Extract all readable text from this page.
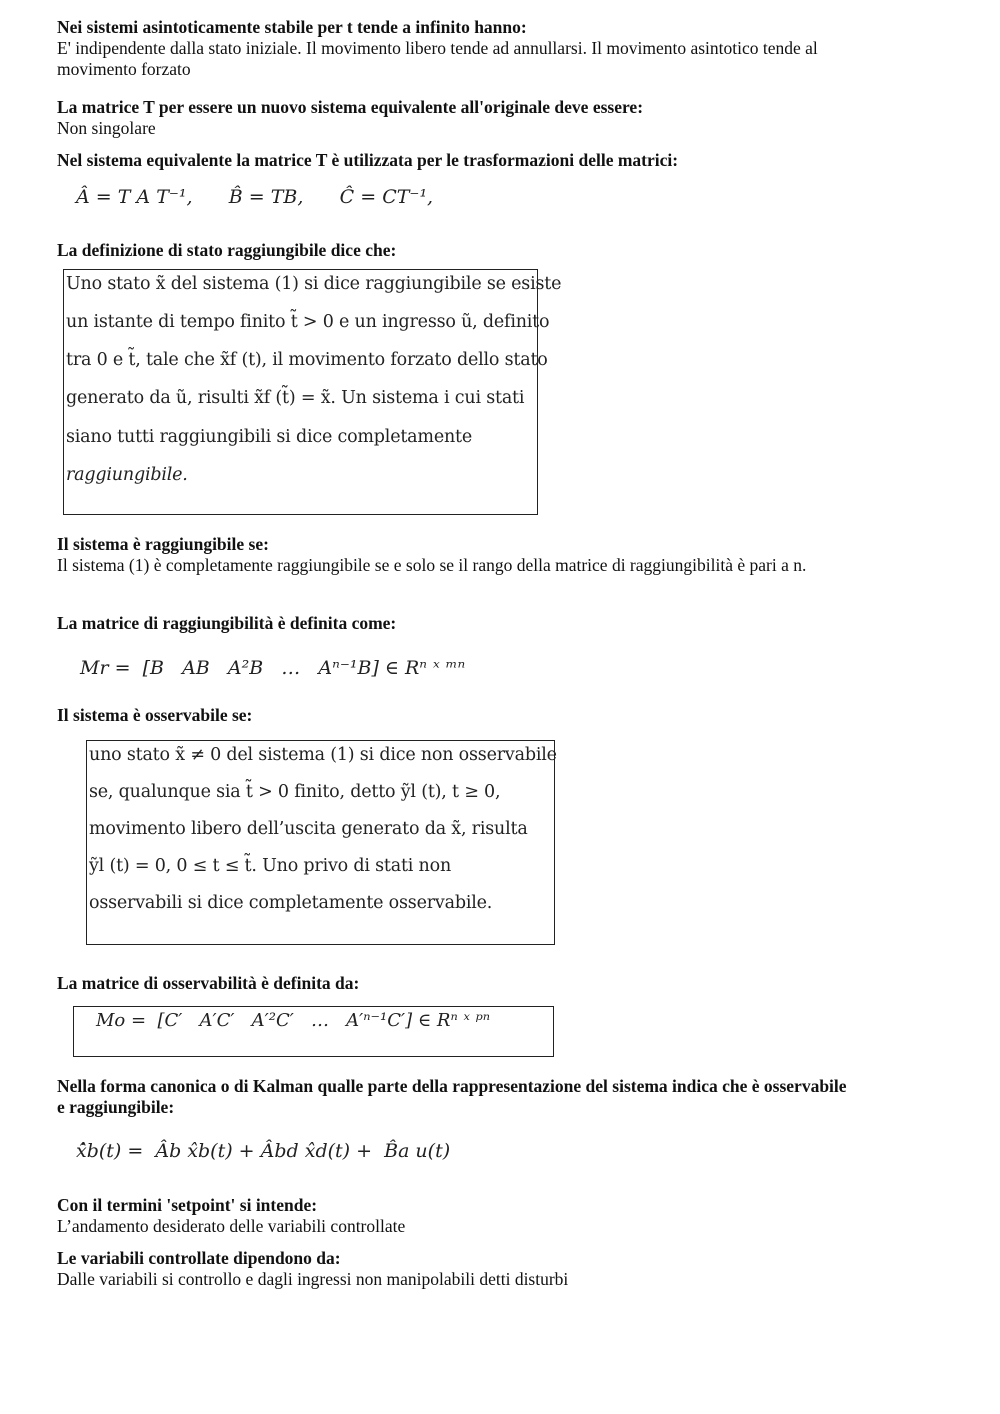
Nei sistemi asintoticamente stabile per t tende a infinito hanno:
E' indipendente dalla stato iniziale. Il movimento libero tende ad annullarsi. Il movimento asintotico tende al
movimento forzato
La matrice T per essere un nuovo sistema equivalente all'originale deve essere:
Non singolare
Nel sistema equivalente la matrice T è utilizzata per le trasformazioni delle matrici:
Â = T A T⁻¹,      B̂ = TB,      Ĉ = CT⁻¹,
La definizione di stato raggiungibile dice che:
Uno stato x̃ del sistema (1) si dice raggiungibile se esiste
un istante di tempo finito t̃ > 0 e un ingresso ũ, definito
tra 0 e t̃, tale che x̃f (t), il movimento forzato dello stato
generato da ũ, risulti x̃f (t̃) = x̃. Un sistema i cui stati
siano tutti raggiungibili si dice completamente
raggiungibile.
Il sistema è raggiungibile se:
Il sistema (1) è completamente raggiungibile se e solo se il rango della matrice di raggiungibilità è pari a n.
La matrice di raggiungibilità è definita come:
Mr =  [B   AB   A²B   …   Aⁿ⁻¹B] ∈ Rⁿ ˣ ᵐⁿ
Il sistema è osservabile se:
uno stato x̃ ≠ 0 del sistema (1) si dice non osservabile
se, qualunque sia t̃ > 0 finito, detto ỹl (t), t ≥ 0,
movimento libero dell’uscita generato da x̃, risulta
ỹl (t) = 0, 0 ≤ t ≤ t̃. Uno privo di stati non
osservabili si dice completamente osservabile.
La matrice di osservabilità è definita da:
Mo =  [C′   A′C′   A′²C′   …   A′ⁿ⁻¹C′] ∈ Rⁿ ˣ ᵖⁿ
Nella forma canonica o di Kalman qualle parte della rappresentazione del sistema indica che è osservabile
e raggiungibile:
x̂̇b(t) =  Âb x̂b(t) + Âbd x̂d(t) +  B̂a u(t)
Con il termini 'setpoint' si intende:
L’andamento desiderato delle variabili controllate
Le variabili controllate dipendono da:
Dalle variabili si controllo e dagli ingressi non manipolabili detti disturbi
